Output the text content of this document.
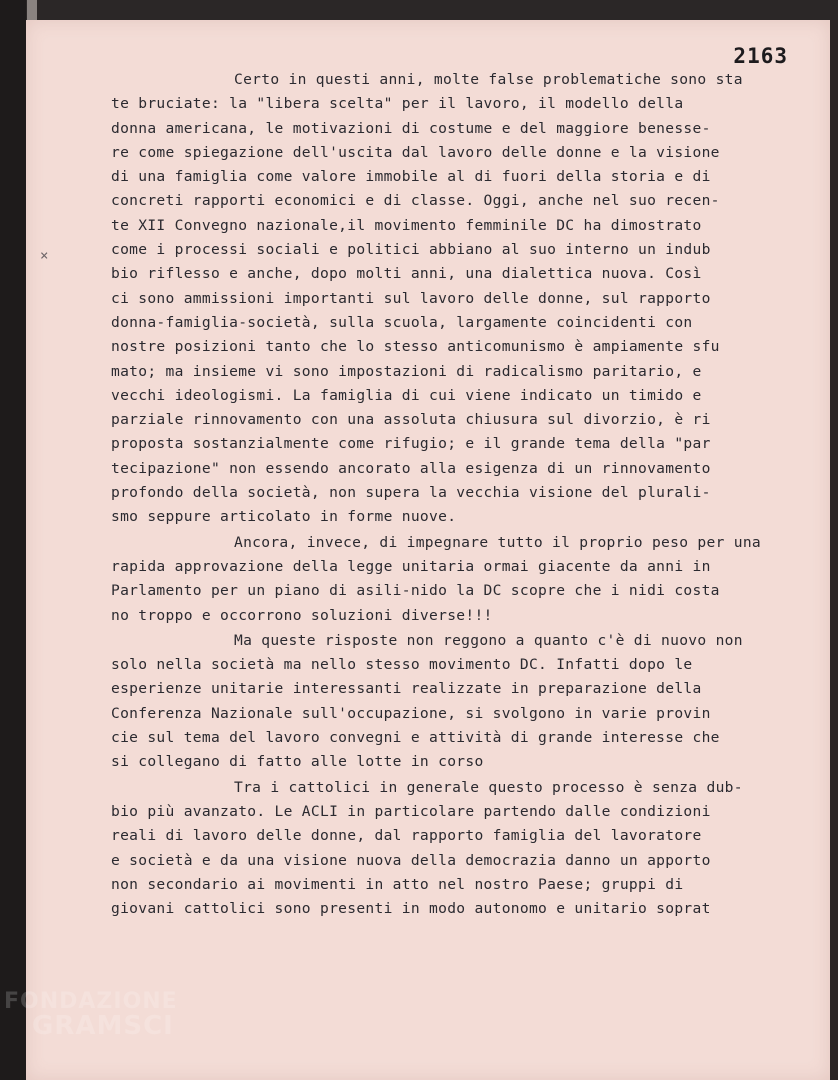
2163
×
Certo in questi anni, molte false problematiche sono sta
te bruciate: la "libera scelta" per il lavoro, il modello della
donna americana, le motivazioni di costume e del maggiore benesse-
re come spiegazione dell'uscita dal lavoro delle donne e la visione
di una famiglia come valore immobile al di fuori della storia e di
concreti rapporti economici e di classe. Oggi, anche nel suo recen-
te XII Convegno nazionale,il movimento femminile DC ha dimostrato
come i processi sociali e politici abbiano al suo interno un indub
bio riflesso e anche, dopo molti anni, una dialettica nuova. Così
ci sono ammissioni importanti sul lavoro delle donne, sul rapporto
donna-famiglia-società, sulla scuola, largamente coincidenti con
nostre posizioni tanto che lo stesso anticomunismo è ampiamente sfu
mato; ma insieme vi sono impostazioni di radicalismo paritario, e
vecchi ideologismi. La famiglia di cui viene indicato un timido e
parziale rinnovamento con una assoluta chiusura sul divorzio, è ri
proposta sostanzialmente come rifugio; e il grande tema della "par
tecipazione" non essendo ancorato alla esigenza di un rinnovamento
profondo della società, non supera la vecchia visione del plurali-
smo seppure articolato in forme nuove.
Ancora, invece, di impegnare tutto il proprio peso per una
rapida approvazione della legge unitaria ormai giacente da anni in
Parlamento per un piano di asili-nido la DC scopre che i nidi costa
no troppo e occorrono soluzioni diverse!!!
Ma queste risposte non reggono a quanto c'è di nuovo non
solo nella società ma nello stesso movimento DC. Infatti dopo le
esperienze unitarie interessanti realizzate in preparazione della
Conferenza Nazionale sull'occupazione, si svolgono in varie provin
cie sul tema del lavoro convegni e attività di grande interesse che
si collegano di fatto alle lotte in corso
Tra i cattolici in generale questo processo è senza dub-
bio più avanzato. Le ACLI in particolare partendo dalle condizioni
reali di lavoro delle donne, dal rapporto famiglia del lavoratore
e società e da una visione nuova della democrazia danno un apporto
non secondario ai movimenti in atto nel nostro Paese; gruppi di
giovani cattolici sono presenti in modo autonomo e unitario soprat
